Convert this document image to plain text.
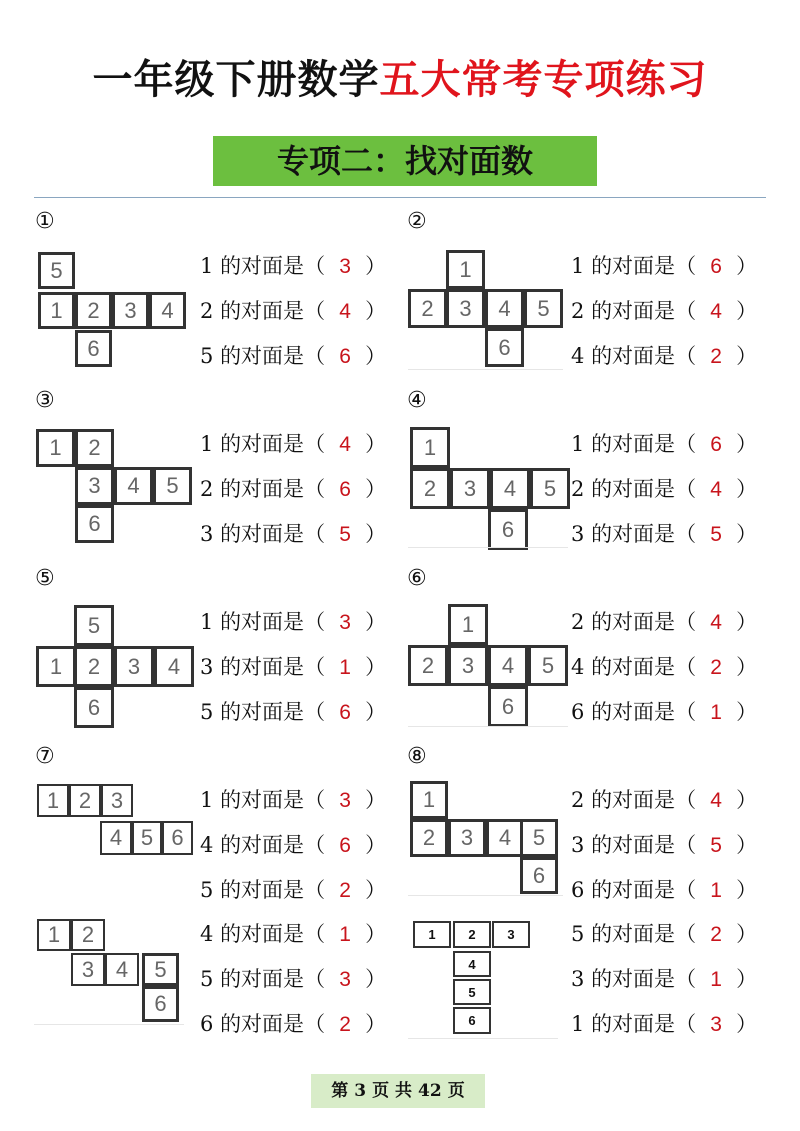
一年级下册数学五大常考专项练习
专项二：找对面数
①
1 的对面是（ 3 ）
2 的对面是（ 4 ）
5 的对面是（ 6 ）
②
1 的对面是（ 6 ）
2 的对面是（ 4 ）
4 的对面是（ 2 ）
③
1 的对面是（ 4 ）
2 的对面是（ 6 ）
3 的对面是（ 5 ）
④
1 的对面是（ 6 ）
2 的对面是（ 4 ）
3 的对面是（ 5 ）
⑤
1 的对面是（ 3 ）
3 的对面是（ 1 ）
5 的对面是（ 6 ）
⑥
2 的对面是（ 4 ）
4 的对面是（ 2 ）
6 的对面是（ 1 ）
⑦
1 的对面是（ 3 ）
4 的对面是（ 6 ）
5 的对面是（ 2 ）
⑧
2 的对面是（ 4 ）
3 的对面是（ 5 ）
6 的对面是（ 1 ）
4 的对面是（ 1 ）
5 的对面是（ 3 ）
6 的对面是（ 2 ）
5 的对面是（ 2 ）
3 的对面是（ 1 ）
1 的对面是（ 3 ）
5
1	2	3	4
6
1
2	3	4	5
6
1	2
3	4	5
6
1
2	3	4	5
6
5
1	2	3	4
6
1
2	3	4	5
6
1 2 3
4 5 6
1
2	3	4 5
6
1 2
3 4	5
6
1	2	3
4
5
6
第 3 页 共 42 页
